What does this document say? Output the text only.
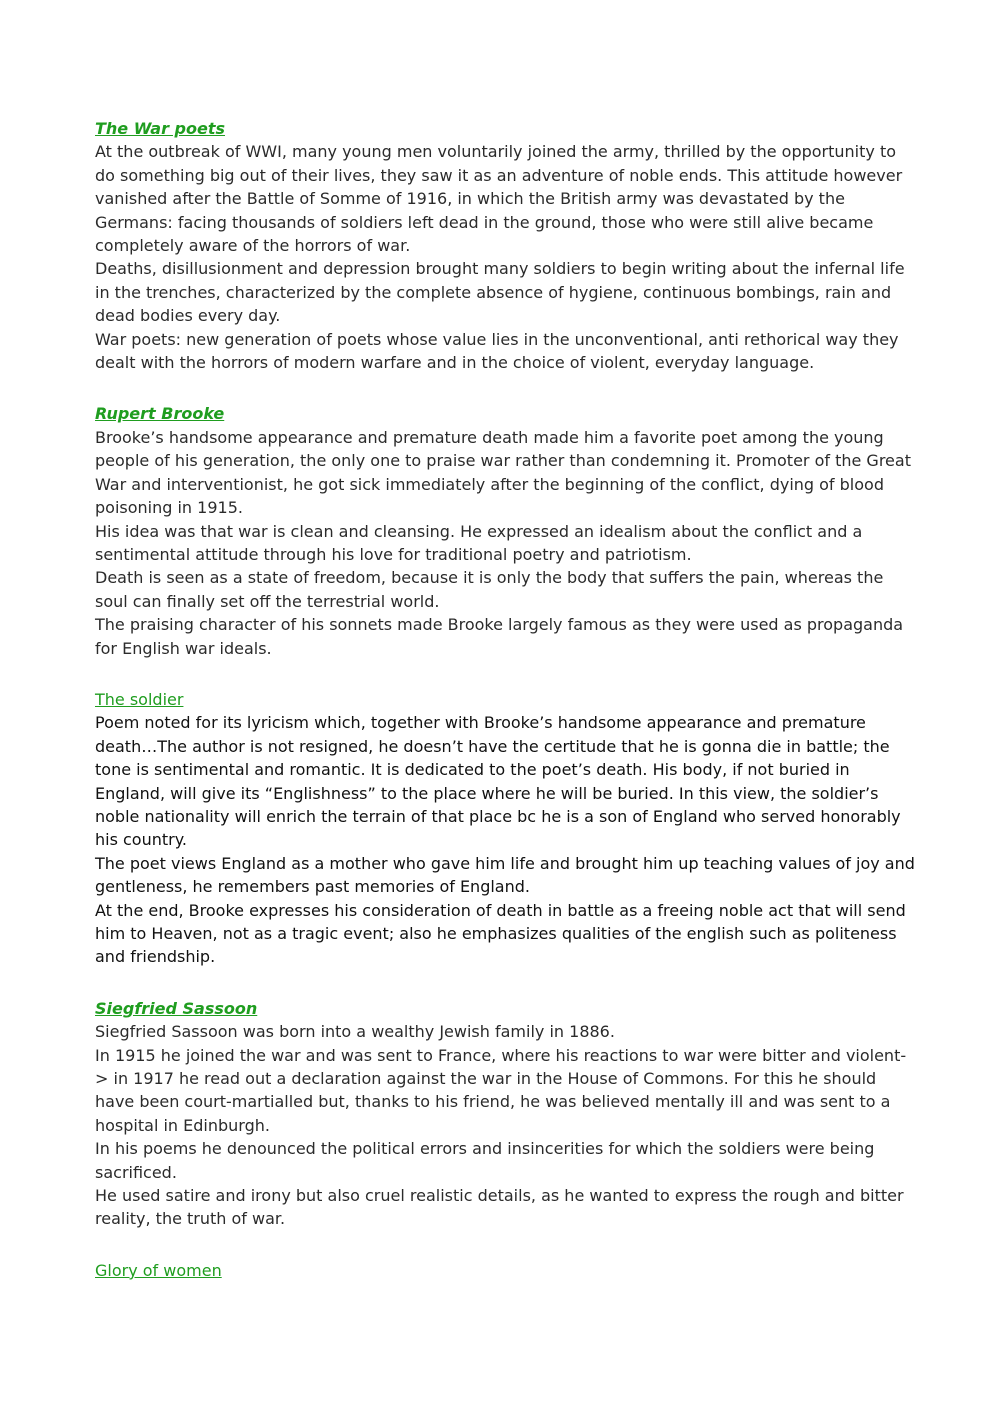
The War poets

At the outbreak of WWI, many young men voluntarily joined the army, thrilled by the opportunity to do something big out of their lives, they saw it as an adventure of noble ends. This attitude however vanished after the Battle of Somme of 1916, in which the British army was devastated by the Germans: facing thousands of soldiers left dead in the ground, those who were still alive became completely aware of the horrors of war.

Deaths, disillusionment and depression brought many soldiers to begin writing about the infernal life in the trenches, characterized by the complete absence of hygiene, continuous bombings, rain and dead bodies every day.

War poets: new generation of poets whose value lies in the unconventional, anti rethorical way they dealt with the horrors of modern warfare and in the choice of violent, everyday language.

Rupert Brooke

Brooke’s handsome appearance and premature death made him a favorite poet among the young people of his generation, the only one to praise war rather than condemning it. Promoter of the Great War and interventionist, he got sick immediately after the beginning of the conflict, dying of blood poisoning in 1915.

His idea was that war is clean and cleansing. He expressed an idealism about the conflict and a sentimental attitude through his love for traditional poetry and patriotism.

Death is seen as a state of freedom, because it is only the body that suffers the pain, whereas the soul can finally set off the terrestrial world.

The praising character of his sonnets made Brooke largely famous as they were used as propaganda for English war ideals.

The soldier

Poem noted for its lyricism which, together with Brooke’s handsome appearance and premature death…The author is not resigned, he doesn’t have the certitude that he is gonna die in battle; the tone is sentimental and romantic. It is dedicated to the poet’s death. His body, if not buried in England, will give its “Englishness” to the place where he will be buried. In this view, the soldier’s noble nationality will enrich the terrain of that place bc he is a son of England who served honorably his country.

The poet views England as a mother who gave him life and brought him up teaching values of joy and gentleness, he remembers past memories of England.

At the end, Brooke expresses his consideration of death in battle as a freeing noble act that will send him to Heaven, not as a tragic event; also he emphasizes qualities of the english such as politeness and friendship.

Siegfried Sassoon

Siegfried Sassoon was born into a wealthy Jewish family in 1886.

In 1915 he joined the war and was sent to France, where his reactions to war were bitter and violent-> in 1917 he read out a declaration against the war in the House of Commons. For this he should have been court-martialled but, thanks to his friend, he was believed mentally ill and was sent to a hospital in Edinburgh.

In his poems he denounced the political errors and insincerities for which the soldiers were being sacrificed.

He used satire and irony but also cruel realistic details, as he wanted to express the rough and bitter reality, the truth of war.

Glory of women
